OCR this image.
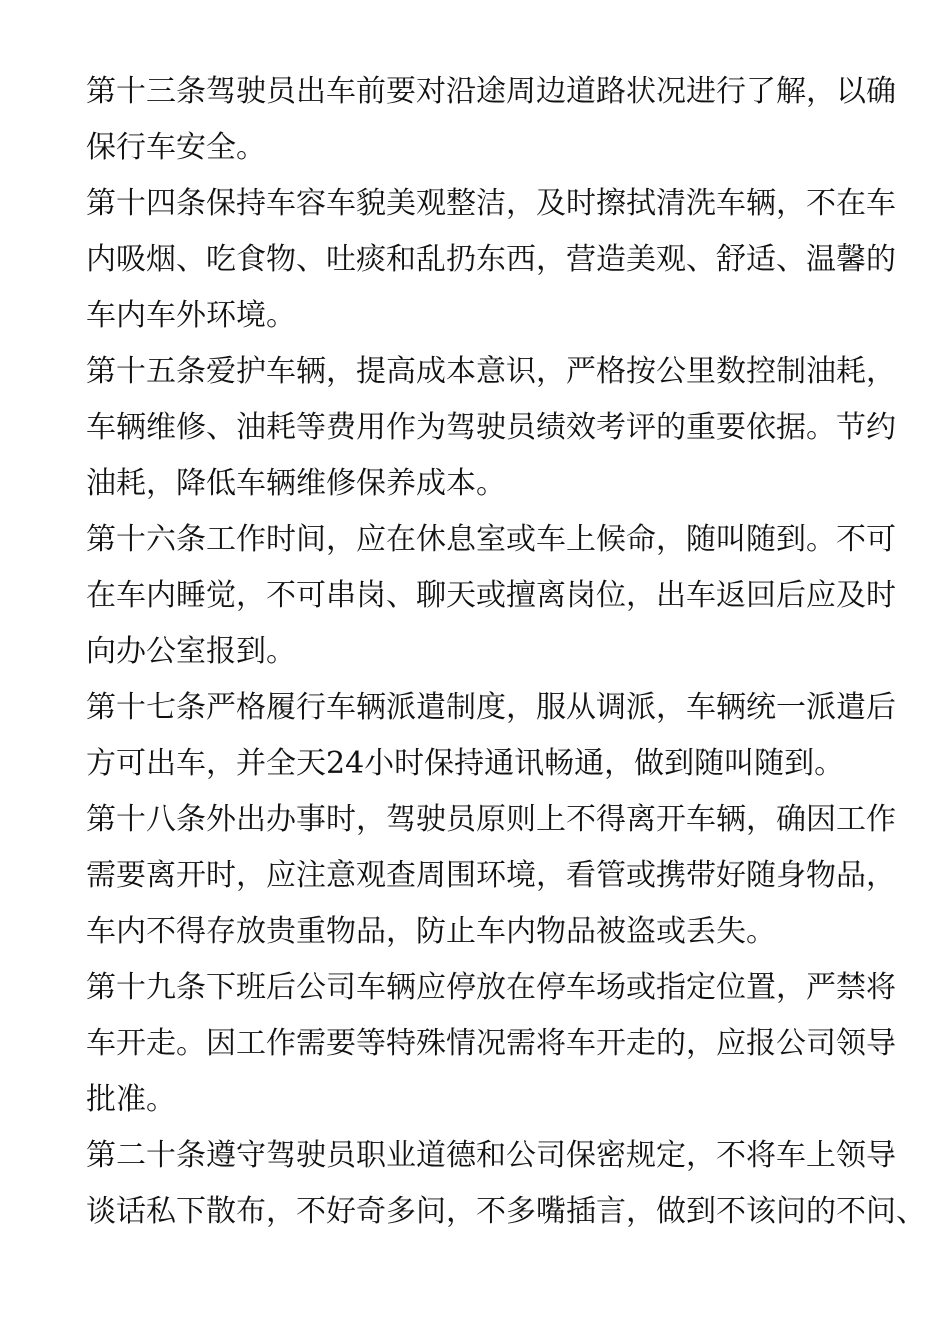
第十三条驾驶员出车前要对沿途周边道路状况进行了解，以确
保行车安全。
第十四条保持车容车貌美观整洁，及时擦拭清洗车辆，不在车
内吸烟、吃食物、吐痰和乱扔东西，营造美观、舒适、温馨的
车内车外环境。
第十五条爱护车辆，提高成本意识，严格按公里数控制油耗，
车辆维修、油耗等费用作为驾驶员绩效考评的重要依据。节约
油耗，降低车辆维修保养成本。
第十六条工作时间，应在休息室或车上候命，随叫随到。不可
在车内睡觉，不可串岗、聊天或擅离岗位，出车返回后应及时
向办公室报到。
第十七条严格履行车辆派遣制度，服从调派，车辆统一派遣后
方可出车，并全天24小时保持通讯畅通，做到随叫随到。
第十八条外出办事时，驾驶员原则上不得离开车辆，确因工作
需要离开时，应注意观查周围环境，看管或携带好随身物品，
车内不得存放贵重物品，防止车内物品被盗或丢失。
第十九条下班后公司车辆应停放在停车场或指定位置，严禁将
车开走。因工作需要等特殊情况需将车开走的，应报公司领导
批准。
第二十条遵守驾驶员职业道德和公司保密规定，不将车上领导
谈话私下散布，不好奇多问，不多嘴插言，做到不该问的不问、
